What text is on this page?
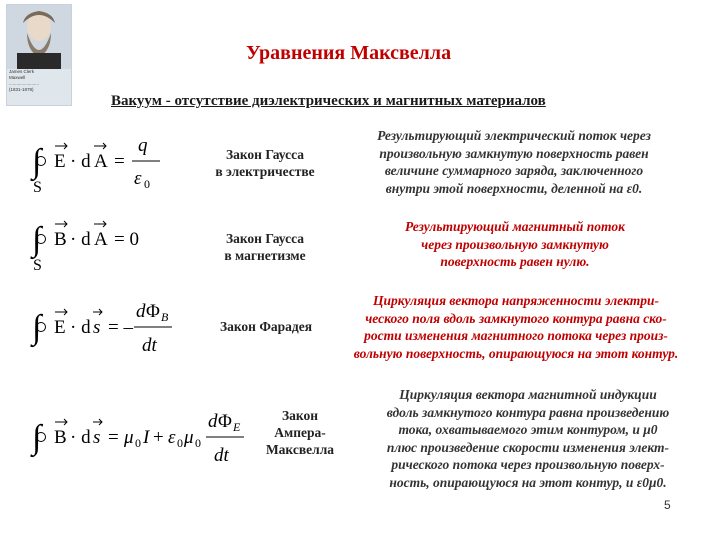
James Clerk
Maxwell
........................
(1831-1879)
Уравнения Максвелла
Вакуум - отсутствие диэлектрических и магнитных материалов
∫
S
E · d A =
q
ε 0
∫
S
B · d A = 0
∫ E · d s = –
d Φ B
dt
∫ B · d s = μ 0 I + ε 0 μ 0
d Φ E
dt
Закон Гаусса
в электричестве
Закон Гаусса
в магнетизме
Закон Фарадея
Закон
Ампера-
Максвелла
Результирующий электрический поток через
произвольную замкнутую поверхность равен
величине суммарного заряда, заключенного
внутри этой поверхности, деленной на ε0.
Результирующий магнитный поток
через произвольную замкнутую
поверхность равен нулю.
Циркуляция вектора напряженности электри-
ческого поля вдоль замкнутого контура равна ско-
рости изменения магнитного потока через произ-
вольную поверхность, опирающуюся на этот контур.
Циркуляция вектора магнитной индукции
вдоль замкнутого контура равна произведению
тока, охватываемого этим контуром, и μ0
плюс произведение скорости изменения элект-
рического потока через произвольную поверх-
ность, опирающуюся на этот контур, и ε0μ0.
5
